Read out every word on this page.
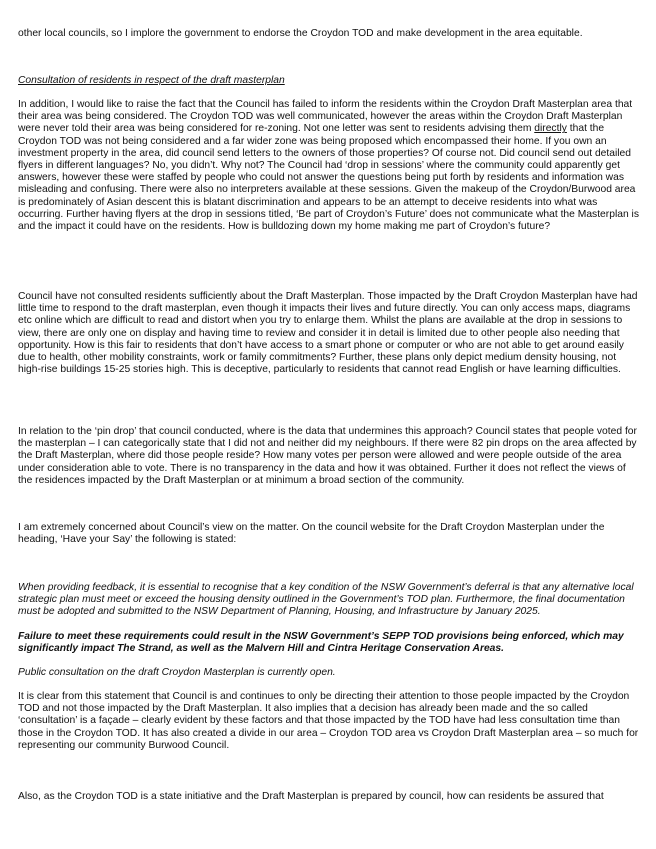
other local councils, so I implore the government to endorse the Croydon TOD and make development in the area equitable.

Consultation of residents in respect of the draft masterplan

In addition, I would like to raise the fact that the Council has failed to inform the residents within the Croydon Draft Masterplan area that their area was being considered. The Croydon TOD was well communicated, however the areas within the Croydon Draft Masterplan were never told their area was being considered for re-zoning. Not one letter was sent to residents advising them directly that the Croydon TOD was not being considered and a far wider zone was being proposed which encompassed their home. If you own an investment property in the area, did council send letters to the owners of those properties? Of course not. Did council send out detailed flyers in different languages? No, you didn’t. Why not? The Council had ‘drop in sessions’ where the community could apparently get answers, however these were staffed by people who could not answer the questions being put forth by residents and information was misleading and confusing. There were also no interpreters available at these sessions. Given the makeup of the Croydon/Burwood area is predominately of Asian descent this is blatant discrimination and appears to be an attempt to deceive residents into what was occurring. Further having flyers at the drop in sessions titled, ‘Be part of Croydon’s Future’ does not communicate what the Masterplan is and the impact it could have on the residents. How is bulldozing down my home making me part of Croydon’s future?

Council have not consulted residents sufficiently about the Draft Masterplan. Those impacted by the Draft Croydon Masterplan have had little time to respond to the draft masterplan, even though it impacts their lives and future directly. You can only access maps, diagrams etc online which are difficult to read and distort when you try to enlarge them. Whilst the plans are available at the drop in sessions to view, there are only one on display and having time to review and consider it in detail is limited due to other people also needing that opportunity. How is this fair to residents that don’t have access to a smart phone or computer or who are not able to get around easily due to health, other mobility constraints, work or family commitments? Further, these plans only depict medium density housing, not high-rise buildings 15-25 stories high. This is deceptive, particularly to residents that cannot read English or have learning difficulties.

In relation to the ‘pin drop’ that council conducted, where is the data that undermines this approach? Council states that people voted for the masterplan – I can categorically state that I did not and neither did my neighbours. If there were 82 pin drops on the area affected by the Draft Masterplan, where did those people reside? How many votes per person were allowed and were people outside of the area under consideration able to vote. There is no transparency in the data and how it was obtained. Further it does not reflect the views of the residences impacted by the Draft Masterplan or at minimum a broad section of the community.

I am extremely concerned about Council’s view on the matter. On the council website for the Draft Croydon Masterplan under the heading, ‘Have your Say’ the following is stated:

When providing feedback, it is essential to recognise that a key condition of the NSW Government’s deferral is that any alternative local strategic plan must meet or exceed the housing density outlined in the Government’s TOD plan. Furthermore, the final documentation must be adopted and submitted to the NSW Department of Planning, Housing, and Infrastructure by January 2025.

Failure to meet these requirements could result in the NSW Government’s SEPP TOD provisions being enforced, which may significantly impact The Strand, as well as the Malvern Hill and Cintra Heritage Conservation Areas.

Public consultation on the draft Croydon Masterplan is currently open.

It is clear from this statement that Council is and continues to only be directing their attention to those people impacted by the Croydon TOD and not those impacted by the Draft Masterplan. It also implies that a decision has already been made and the so called ‘consultation’ is a façade – clearly evident by these factors and that those impacted by the TOD have had less consultation time than those in the Croydon TOD. It has also created a divide in our area – Croydon TOD area vs Croydon Draft Masterplan area – so much for representing our community Burwood Council.

Also, as the Croydon TOD is a state initiative and the Draft Masterplan is prepared by council, how can residents be assured that
